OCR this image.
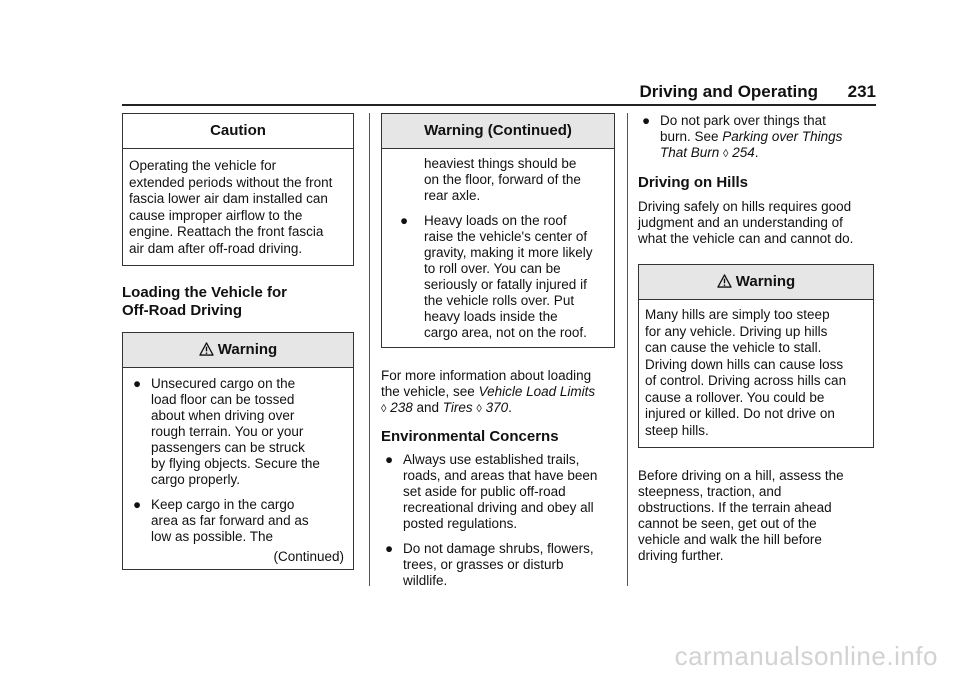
Driving and Operating 231
Caution

Operating the vehicle for

extended periods without the front

fascia lower air dam installed can

cause improper airflow to the

engine. Reattach the front fascia

air dam after off-road driving.

Loading the Vehicle for
Off-Road Driving
Warning
● Unsecured cargo on the
load floor can be tossed
about when driving over
rough terrain. You or your
passengers can be struck
by flying objects. Secure the
cargo properly.
● Keep cargo in the cargo
area as far forward and as
low as possible. The
(Continued)
Warning (Continued)
heaviest things should be
on the floor, forward of the
rear axle.
●	Heavy loads on the roof
raise the vehicle's center of
gravity, making it more likely
to roll over. You can be
seriously or fatally injured if
the vehicle rolls over. Put
heavy loads inside the
cargo area, not on the roof.

For more information about loading

the vehicle, see Vehicle Load Limits

◊ 238 and Tires ◊ 370.

Environmental Concerns
● Always use established trails,
roads, and areas that have been
set aside for public off-road
recreational driving and obey all
posted regulations.
● Do not damage shrubs, flowers,
trees, or grasses or disturb
wildlife.
● Do not park over things that
burn. See Parking over Things
That Burn ◊ 254.
Driving on Hills

Driving safely on hills requires good

judgment and an understanding of

what the vehicle can and cannot do.

Warning

Many hills are simply too steep

for any vehicle. Driving up hills

can cause the vehicle to stall.

Driving down hills can cause loss

of control. Driving across hills can

cause a rollover. You could be

injured or killed. Do not drive on

steep hills.

Before driving on a hill, assess the

steepness, traction, and

obstructions. If the terrain ahead

cannot be seen, get out of the

vehicle and walk the hill before

driving further.

carmanualsonline.info
